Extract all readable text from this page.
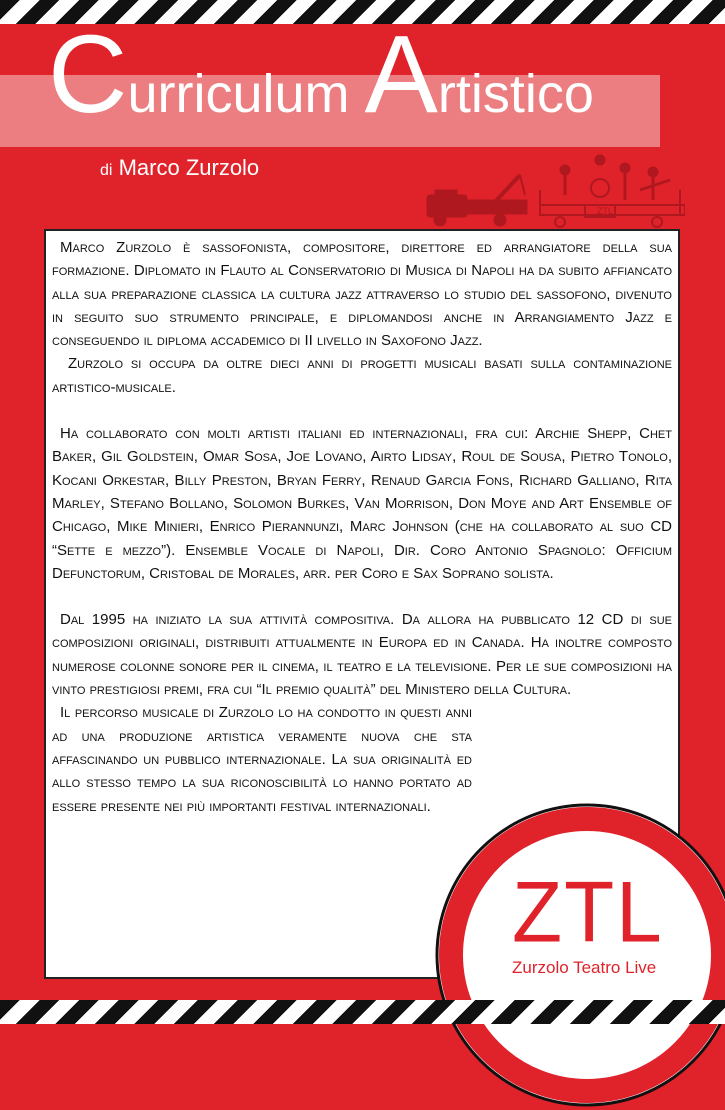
Curriculum Artistico
di Marco Zurzolo
ZTL

Marco Zurzolo è sassofonista, compositore, direttore ed arrangiatore della sua formazione. Diplomato in Flauto al Conservatorio di Musica di Napoli ha da subito affiancato alla sua preparazione classica la cultura jazz attraverso lo studio del sassofono, divenuto in seguito suo strumento principale, e diplomandosi anche in Arrangiamento Jazz e conseguendo il diploma accademico di II livello in Saxofono Jazz.

Zurzolo si occupa da oltre dieci anni di progetti musicali basati sulla contaminazione artistico-musicale.

Ha collaborato con molti artisti italiani ed internazionali, fra cui: Archie Shepp, Chet Baker, Gil Goldstein, Omar Sosa, Joe Lovano, Airto Lidsay, Roul de Sousa, Pietro Tonolo, Kocani Orkestar, Billy Preston, Bryan Ferry, Renaud Garcia Fons, Richard Galliano, Rita Marley, Stefano Bollano, Solomon Burkes, Van Morrison, Don Moye and Art Ensemble of Chicago, Mike Minieri, Enrico Pierannunzi, Marc Johnson (che ha collaborato al suo CD “Sette e mezzo”). Ensemble Vocale di Napoli, Dir. Coro Antonio Spagnolo: Officium Defunctorum, Cristobal de Morales, arr. per Coro e Sax Soprano solista.

Dal 1995 ha iniziato la sua attività compositiva. Da allora ha pubblicato 12 CD di sue composizioni originali, distribuiti attualmente in Europa ed in Canada. Ha inoltre composto numerose colonne sonore per il cinema, il teatro e la televisione. Per le sue composizioni ha vinto prestigiosi premi, fra cui “Il premio qualità” del Ministero della Cultura.

Il percorso musicale di Zurzolo lo ha condotto in questi anni ad una produzione artistica veramente nuova che sta affascinando un pubblico internazionale. La sua originalità ed allo stesso tempo la sua riconoscibilità lo hanno portato ad essere presente nei più importanti festival internazionali.

ZTL
Zurzolo Teatro Live
